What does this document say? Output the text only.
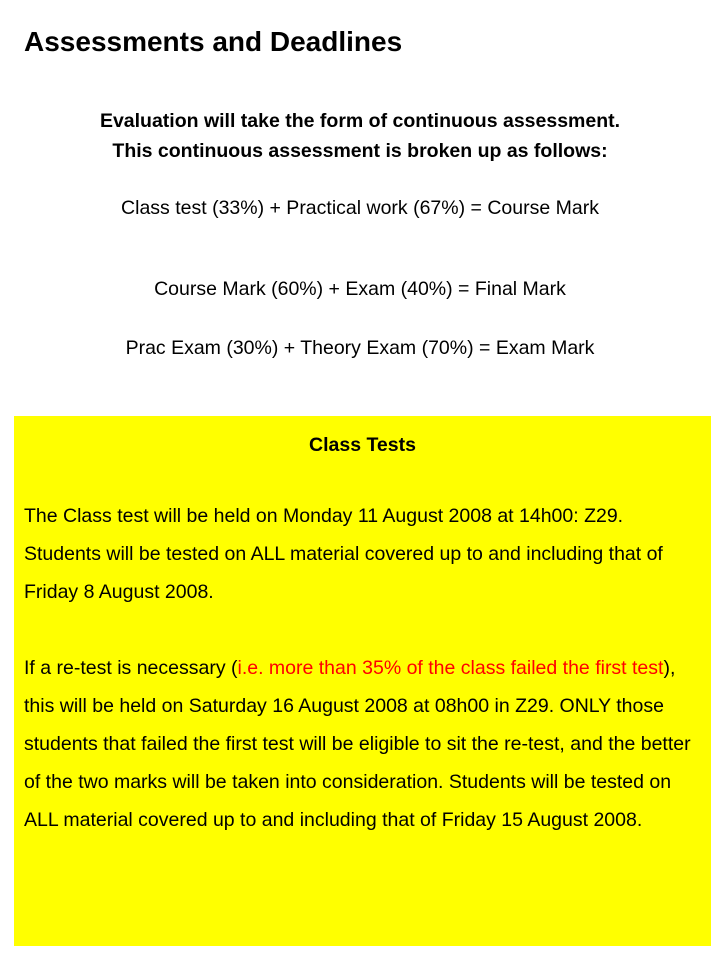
Assessments and Deadlines
Evaluation will take the form of continuous assessment.
This continuous assessment is broken up as follows:
Class test (33%) + Practical work (67%) = Course Mark
Course Mark (60%) + Exam (40%) = Final Mark
Prac Exam (30%) + Theory Exam (70%) = Exam Mark
Class Tests

The Class test will be held on Monday 11 August 2008 at 14h00: Z29. Students will be tested on ALL material covered up to and including that of Friday 8 August 2008.

If a re-test is necessary (i.e. more than 35% of the class failed the first test), this will be held on Saturday 16 August 2008 at 08h00 in Z29. ONLY those students that failed the first test will be eligible to sit the re-test, and the better of the two marks will be taken into consideration. Students will be tested on ALL material covered up to and including that of Friday 15 August 2008.
